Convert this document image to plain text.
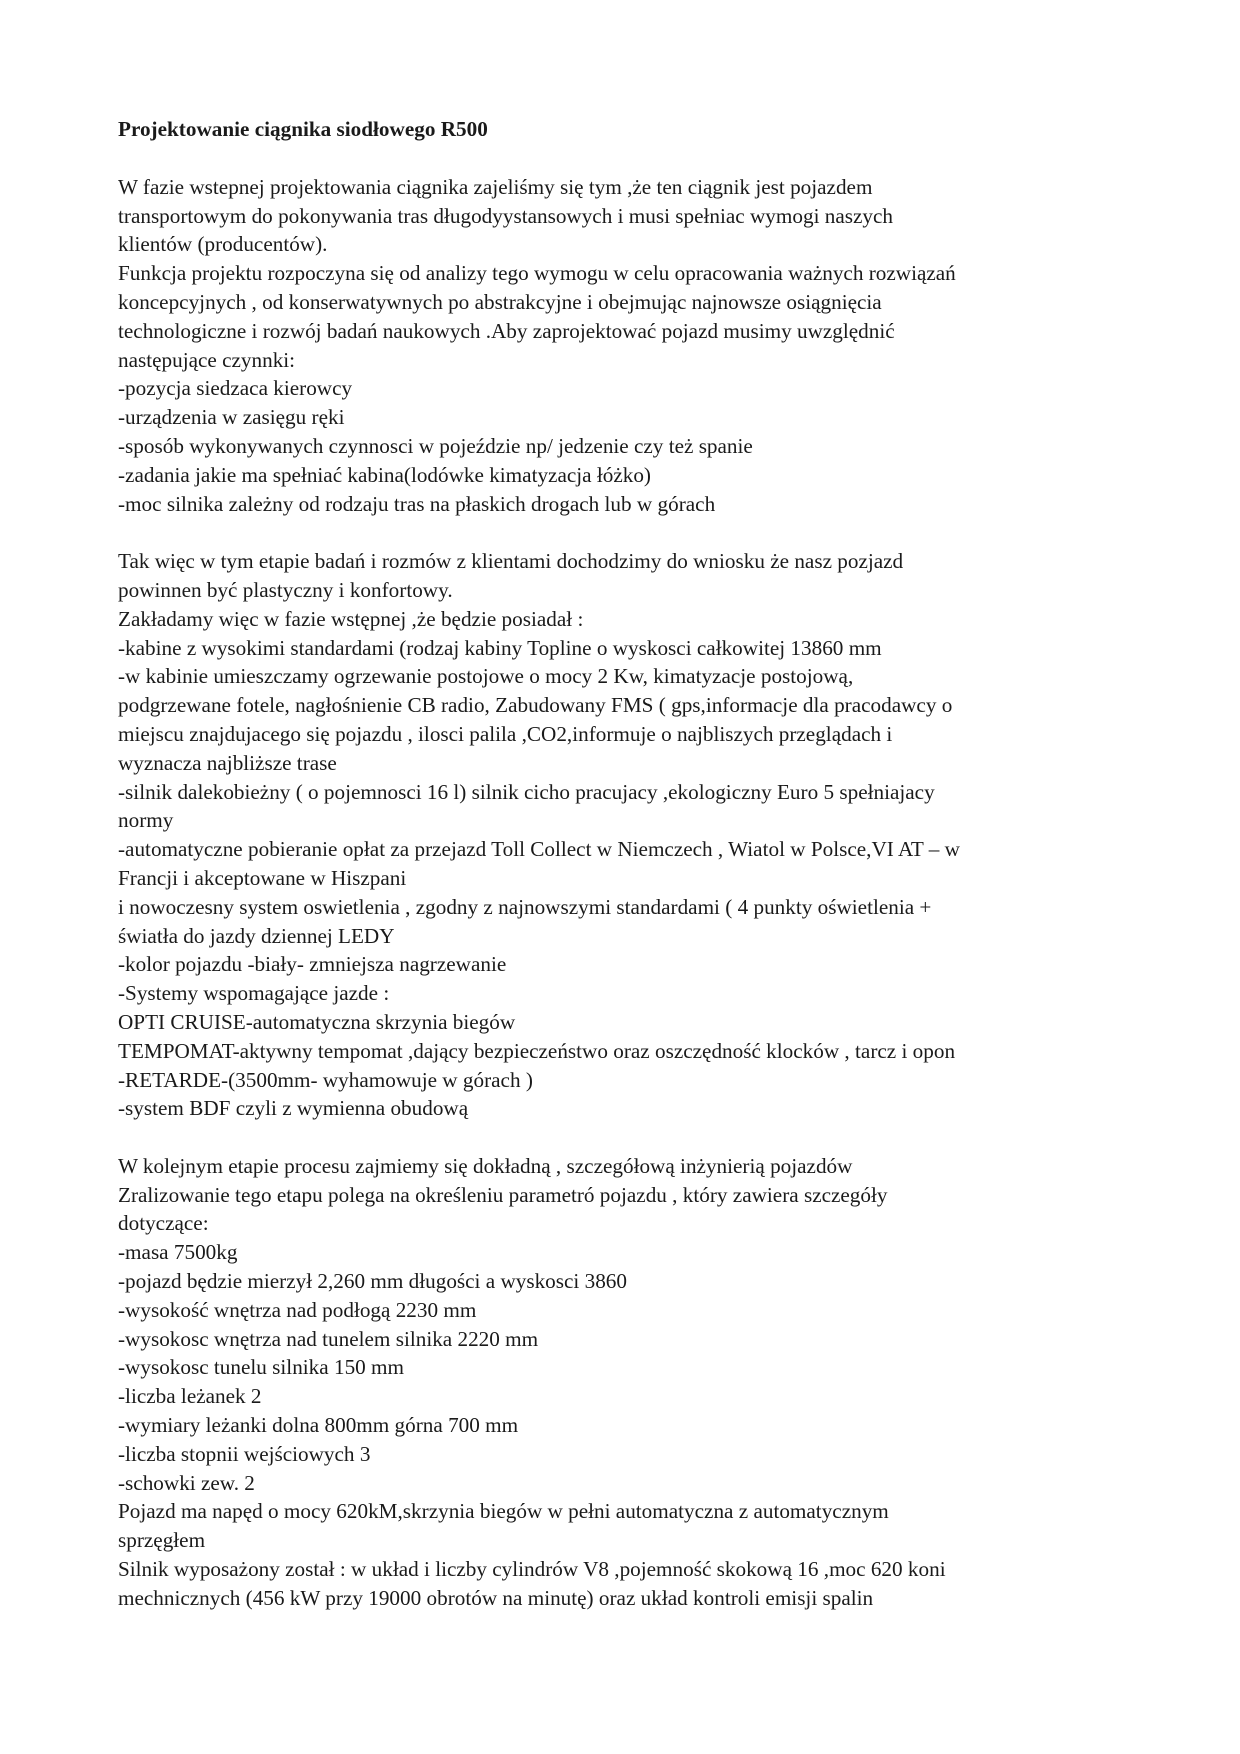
Projektowanie ciągnika siodłowego R500

W fazie wstepnej projektowania ciągnika zajeliśmy się tym ,że ten ciągnik jest pojazdem

transportowym do pokonywania tras długodyystansowych i musi spełniac wymogi naszych

klientów (producentów).

Funkcja projektu rozpoczyna się od analizy tego wymogu w celu opracowania ważnych rozwiązań

koncepcyjnych , od konserwatywnych po abstrakcyjne i obejmując najnowsze osiągnięcia

technologiczne i rozwój badań naukowych .Aby zaprojektować pojazd musimy uwzględnić

następujące czynnki:

-pozycja siedzaca kierowcy

-urządzenia w zasięgu ręki

-sposób wykonywanych czynnosci w pojeździe np/ jedzenie czy też spanie

-zadania jakie ma spełniać kabina(lodówke kimatyzacja łóżko)

-moc silnika zależny od rodzaju tras na płaskich drogach lub w górach

Tak więc w tym etapie badań i rozmów z klientami dochodzimy do wniosku że nasz pozjazd

powinnen być plastyczny i konfortowy.

Zakładamy więc w fazie wstępnej ,że będzie posiadał :

-kabine z wysokimi standardami (rodzaj kabiny Topline o wyskosci całkowitej 13860 mm

-w kabinie umieszczamy ogrzewanie postojowe o mocy 2 Kw, kimatyzacje postojową,

podgrzewane fotele, nagłośnienie CB radio, Zabudowany FMS ( gps,informacje dla pracodawcy o

miejscu znajdujacego się pojazdu , ilosci palila ,CO2,informuje o najbliszych przeglądach i

wyznacza najbliższe trase

-silnik dalekobieżny ( o pojemnosci 16 l) silnik cicho pracujacy ,ekologiczny Euro 5 spełniajacy

normy

-automatyczne pobieranie opłat za przejazd Toll Collect w Niemczech , Wiatol w Polsce,VI AT – w

Francji i akceptowane w Hiszpani

i nowoczesny system oswietlenia , zgodny z najnowszymi standardami ( 4 punkty oświetlenia +

światła do jazdy dziennej LEDY

-kolor pojazdu -biały- zmniejsza nagrzewanie

-Systemy wspomagające jazde :

OPTI CRUISE-automatyczna skrzynia biegów

TEMPOMAT-aktywny tempomat ,dający bezpieczeństwo oraz oszczędność klocków , tarcz i opon

-RETARDE-(3500mm- wyhamowuje w górach )

-system BDF czyli z wymienna obudową

W kolejnym etapie procesu zajmiemy się dokładną , szczegółową inżynierią pojazdów

Zralizowanie tego etapu polega na określeniu parametró pojazdu , który zawiera szczegóły

dotyczące:

-masa 7500kg

-pojazd będzie mierzył 2,260 mm długości a wyskosci 3860

-wysokość wnętrza nad podłogą 2230 mm

-wysokosc wnętrza nad tunelem silnika 2220 mm

-wysokosc tunelu silnika 150 mm

-liczba leżanek 2

-wymiary leżanki dolna 800mm górna 700 mm

-liczba stopnii wejściowych 3

-schowki zew. 2

Pojazd ma napęd o mocy 620kM,skrzynia biegów w pełni automatyczna z automatycznym

sprzęgłem

Silnik wyposażony został : w układ i liczby cylindrów V8 ,pojemność skokową 16 ,moc 620 koni

mechnicznych (456 kW przy 19000 obrotów na minutę) oraz układ kontroli emisji spalin
